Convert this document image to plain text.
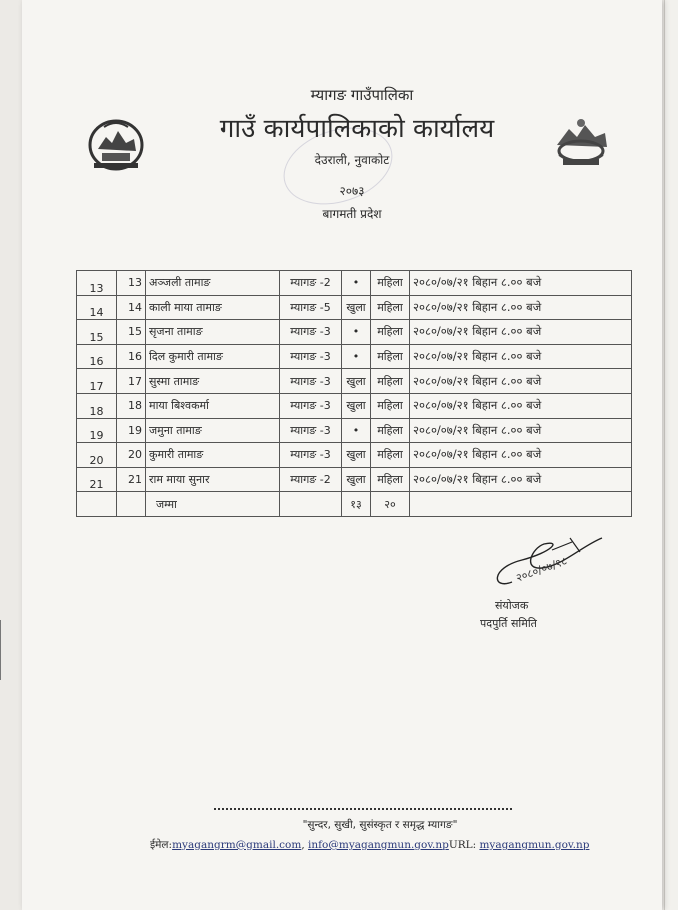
म्यागङ गाउँपालिका
गाउँ कार्यपालिकाको कार्यालय
देउराली, नुवाकोट
२०७३
बागमती प्रदेश
13	13	अञ्जली तामाङ	म्यागङ -2	•	महिला	२०८०/०७/२१ बिहान ८.०० बजे
14	14	काली माया तामाङ	म्यागङ -5	खुला	महिला	२०८०/०७/२१ बिहान ८.०० बजे
15	15	सृजना तामाङ	म्यागङ -3	•	महिला	२०८०/०७/२१ बिहान ८.०० बजे
16	16	दिल कुमारी तामाङ	म्यागङ -3	•	महिला	२०८०/०७/२१ बिहान ८.०० बजे
17	17	सुस्मा तामाङ	म्यागङ -3	खुला	महिला	२०८०/०७/२१ बिहान ८.०० बजे
18	18	माया बिश्वकर्मा	म्यागङ -3	खुला	महिला	२०८०/०७/२१ बिहान ८.०० बजे
19	19	जमुना तामाङ	म्यागङ -3	•	महिला	२०८०/०७/२१ बिहान ८.०० बजे
20	20	कुमारी तामाङ	म्यागङ -3	खुला	महिला	२०८०/०७/२१ बिहान ८.०० बजे
21	21	राम माया सुनार	म्यागङ -2	खुला	महिला	२०८०/०७/२१ बिहान ८.०० बजे
		जम्मा		१३	२०	
२०८०/०७/१८
संयोजक
पदपुर्ति समिति
"सुन्दर, सुखी, सुसंस्कृत र समृद्ध म्यागङ"
ईमेल:myagangrm@gmail.com, info@myagangmun.gov.npURL: myagangmun.gov.np
